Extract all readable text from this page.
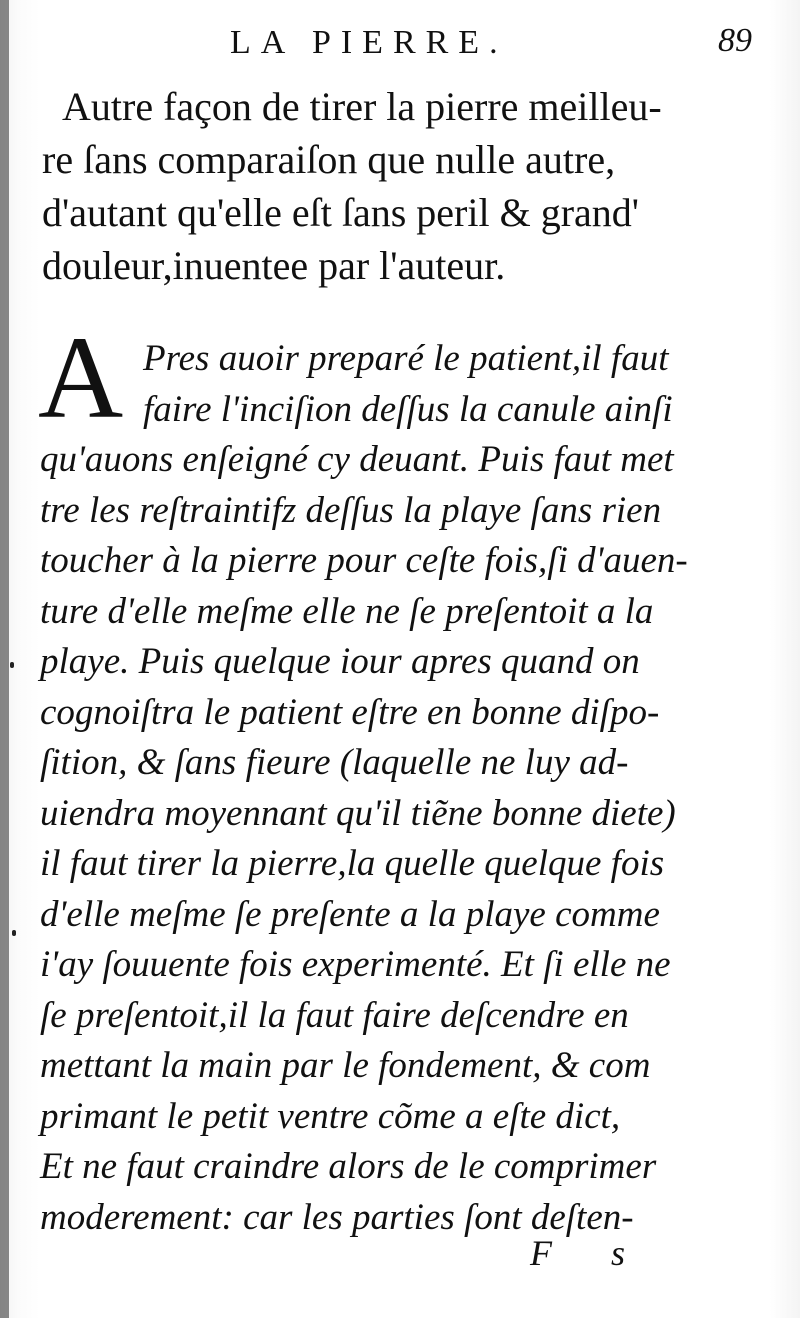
LA PIERRE.	89
Autre façon de tirer la pierre meilleu-
re ſans comparaiſon que nulle autre,
d'autant qu'elle eſt ſans peril & grand'
douleur,inuentee par l'auteur.
A Pres auoir preparé le patient,il faut
faire l'inciſion deſſus la canule ainſi
qu'auons enſeigné cy deuant. Puis faut met
tre les reſtraintifz deſſus la playe ſans rien
toucher à la pierre pour ceſte fois,ſi d'auen-
ture d'elle meſme elle ne ſe preſentoit a la
playe. Puis quelque iour apres quand on
cognoiſtra le patient eſtre en bonne diſpo-
ſition, & ſans fieure (laquelle ne luy ad-
uiendra moyennant qu'il tiẽne bonne diete)
il faut tirer la pierre,la quelle quelque fois
d'elle meſme ſe preſente a la playe comme
i'ay ſouuente fois experimenté. Et ſi elle ne
ſe preſentoit,il la faut faire deſcendre en
mettant la main par le fondement, & com
primant le petit ventre cõme a eſte dict,
Et ne faut craindre alors de le comprimer
moderement: car les parties ſont deſten-
F s
